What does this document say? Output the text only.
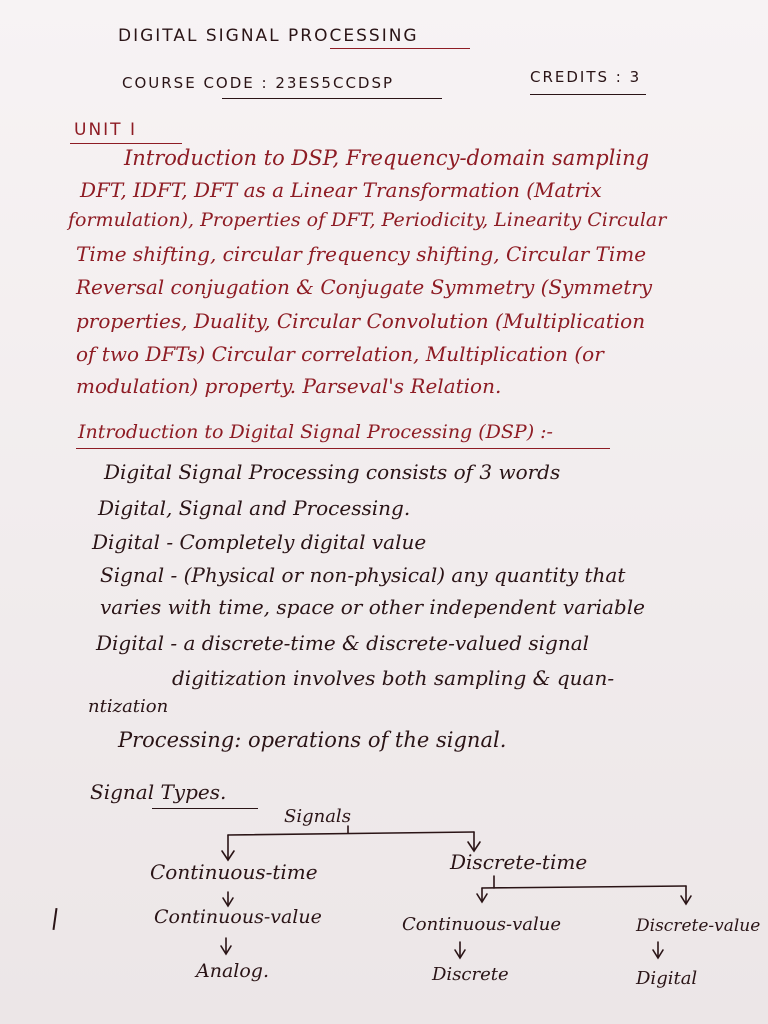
DIGITAL SIGNAL PROCESSING
COURSE CODE : 23ES5CCDSP	CREDITS : 3
UNIT I
Introduction to DSP, Frequency-domain sampling
DFT, IDFT, DFT as a Linear Transformation (Matrix
formulation), Properties of DFT, Periodicity, Linearity Circular
Time shifting, circular frequency shifting, Circular Time
Reversal conjugation & Conjugate Symmetry (Symmetry
properties, Duality, Circular Convolution (Multiplication
of two DFTs) Circular correlation, Multiplication (or
modulation) property. Parseval's Relation.
Introduction to Digital Signal Processing (DSP) :-
Digital Signal Processing consists of 3 words
Digital, Signal and Processing.
Digital - Completely digital value
Signal - (Physical or non-physical) any quantity that
varies with time, space or other independent variable
Digital - a discrete-time & discrete-valued signal
digitization involves both sampling & quan-
ntization
Processing: operations of the signal.
Signal Types.
Signals
Continuous-time
Continuous-value
Analog.
Discrete-time
Continuous-value
Discrete
Discrete-value
Digital
